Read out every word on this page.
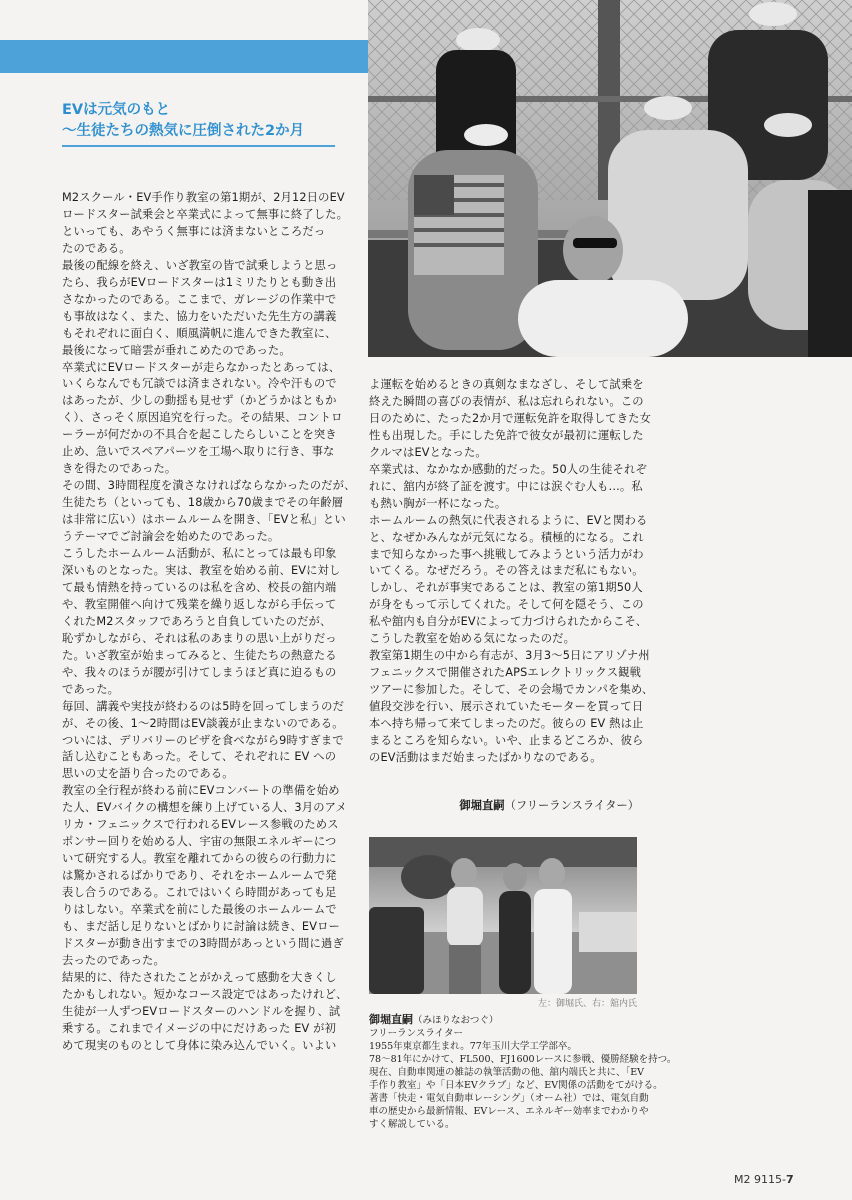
EVは元気のもと
〜生徒たちの熱気に圧倒された2か月

M2スクール・EV手作り教室の第1期が、2月12日のEV

ロードスター試乗会と卒業式によって無事に終了した。

といっても、あやうく無事には済まないところだっ

たのである。

最後の配線を終え、いざ教室の皆で試乗しようと思っ

たら、我らがEVロードスターは1ミリたりとも動き出

さなかったのである。ここまで、ガレージの作業中で

も事故はなく、また、協力をいただいた先生方の講義

もそれぞれに面白く、順風満帆に進んできた教室に、

最後になって暗雲が垂れこめたのであった。

卒業式にEVロードスターが走らなかったとあっては、

いくらなんでも冗談では済まされない。冷や汗もので

はあったが、少しの動揺も見せず（かどうかはともか

く）、さっそく原因追究を行った。その結果、コントロ

ーラーが何だかの不具合を起こしたらしいことを突き

止め、急いでスペアパーツを工場へ取りに行き、事な

きを得たのであった。

その間、3時間程度を潰さなければならなかったのだが、

生徒たち（といっても、18歳から70歳までその年齢層

は非常に広い）はホームルームを開き、「EVと私」とい

うテーマでご討論会を始めたのであった。

こうしたホームルーム活動が、私にとっては最も印象

深いものとなった。実は、教室を始める前、EVに対し

て最も情熱を持っているのは私を含め、校長の舘内端

や、教室開催へ向けて残業を繰り返しながら手伝って

くれたM2スタッフであろうと自負していたのだが、

恥ずかしながら、それは私のあまりの思い上がりだっ

た。いざ教室が始まってみると、生徒たちの熱意たる

や、我々のほうが腰が引けてしまうほど真に迫るもの

であった。

毎回、講義や実技が終わるのは5時を回ってしまうのだ

が、その後、1〜2時間はEV談義が止まないのである。

ついには、デリバリーのピザを食べながら9時すぎまで

話し込むこともあった。そして、それぞれに EV への

思いの丈を語り合ったのである。

教室の全行程が終わる前にEVコンバートの準備を始め

た人、EVバイクの構想を練り上げている人、3月のアメ

リカ・フェニックスで行われるEVレース参戦のためス

ポンサー回りを始める人、宇宙の無限エネルギーにつ

いて研究する人。教室を離れてからの彼らの行動力に

は驚かされるばかりであり、それをホームルームで発

表し合うのである。これではいくら時間があっても足

りはしない。卒業式を前にした最後のホームルームで

も、まだ話し足りないとばかりに討論は続き、EVロー

ドスターが動き出すまでの3時間があっという間に過ぎ

去ったのであった。

結果的に、待たされたことがかえって感動を大きくし

たかもしれない。短かなコース設定ではあったけれど、

生徒が一人ずつEVロードスターのハンドルを握り、試

乗する。これまでイメージの中にだけあった EV が初

めて現実のものとして身体に染み込んでいく。いよい

よ運転を始めるときの真剣なまなざし、そして試乗を

終えた瞬間の喜びの表情が、私は忘れられない。この

日のために、たった2か月で運転免許を取得してきた女

性も出現した。手にした免許で彼女が最初に運転した

クルマはEVとなった。

卒業式は、なかなか感動的だった。50人の生徒それぞ

れに、舘内が終了証を渡す。中には涙ぐむ人も…。私

も熱い胸が一杯になった。

ホームルームの熱気に代表されるように、EVと関わる

と、なぜかみんなが元気になる。積極的になる。これ

まで知らなかった事へ挑戦してみようという活力がわ

いてくる。なぜだろう。その答えはまだ私にもない。

しかし、それが事実であることは、教室の第1期50人

が身をもって示してくれた。そして何を隠そう、この

私や舘内も自分がEVによって力づけられたからこそ、

こうした教室を始める気になったのだ。

教室第1期生の中から有志が、3月3〜5日にアリゾナ州

フェニックスで開催されたAPSエレクトリックス観戦

ツアーに参加した。そして、その会場でカンパを集め、

値段交渉を行い、展示されていたモーターを買って日

本へ持ち帰って来てしまったのだ。彼らの EV 熱は止

まるところを知らない。いや、止まるどころか、彼ら

のEV活動はまだ始まったばかりなのである。

御堀直嗣（フリーランスライター）
左：御堀氏、右：舘内氏
御堀直嗣（みほりなおつぐ）
フリーランスライター

1955年東京都生まれ。77年玉川大学工学部卒。

78〜81年にかけて、FL500、FJ1600レースに参戦、優勝経験を持つ。

現在、自動車関連の雑誌の執筆活動の他、舘内端氏と共に、「EV

手作り教室」や「日本EVクラブ」など、EV関係の活動をてがける。

著書「快走・電気自動車レーシング」（オーム社）では、電気自動

車の歴史から最新情報、EVレース、エネルギー効率までわかりや

すく解説している。

M2 9115-7
